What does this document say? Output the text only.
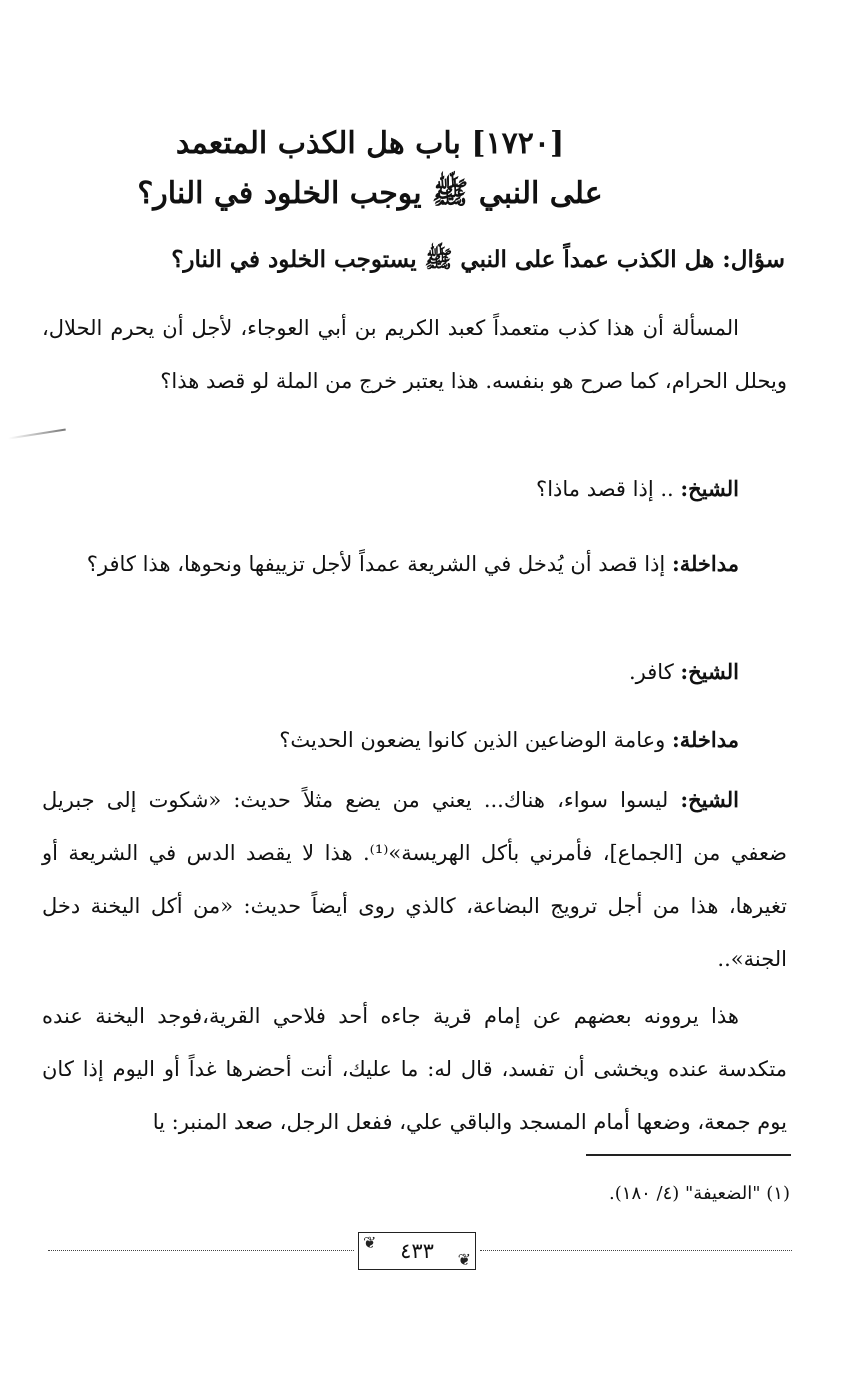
[١٧٢٠] باب هل الكذب المتعمد
على النبي ﷺ يوجب الخلود في النار؟
سؤال: هل الكذب عمداً على النبي ﷺ يستوجب الخلود في النار؟
المسألة أن هذا كذب متعمداً كعبد الكريم بن أبي العوجاء، لأجل أن يحرم الحلال، ويحلل الحرام، كما صرح هو بنفسه. هذا يعتبر خرج من الملة لو قصد هذا؟
الشيخ: .. إذا قصد ماذا؟
مداخلة: إذا قصد أن يُدخل في الشريعة عمداً لأجل تزييفها ونحوها، هذا كافر؟
الشيخ: كافر.
مداخلة: وعامة الوضاعين الذين كانوا يضعون الحديث؟
الشيخ: ليسوا سواء، هناك... يعني من يضع مثلاً حديث: «شكوت إلى جبريل ضعفي من [الجماع]، فأمرني بأكل الهريسة»⁽¹⁾. هذا لا يقصد الدس في الشريعة أو تغيرها، هذا من أجل ترويج البضاعة، كالذي روى أيضاً حديث: «من أكل اليخنة دخل الجنة»..
هذا يروونه بعضهم عن إمام قرية جاءه أحد فلاحي القرية،فوجد اليخنة عنده متكدسة عنده ويخشى أن تفسد، قال له: ما عليك، أنت أحضرها غداً أو اليوم إذا كان يوم جمعة، وضعها أمام المسجد والباقي علي، ففعل الرجل، صعد المنبر: يا
(١) "الضعيفة" (٤/ ١٨٠).
❦
❦
٤٣٣
